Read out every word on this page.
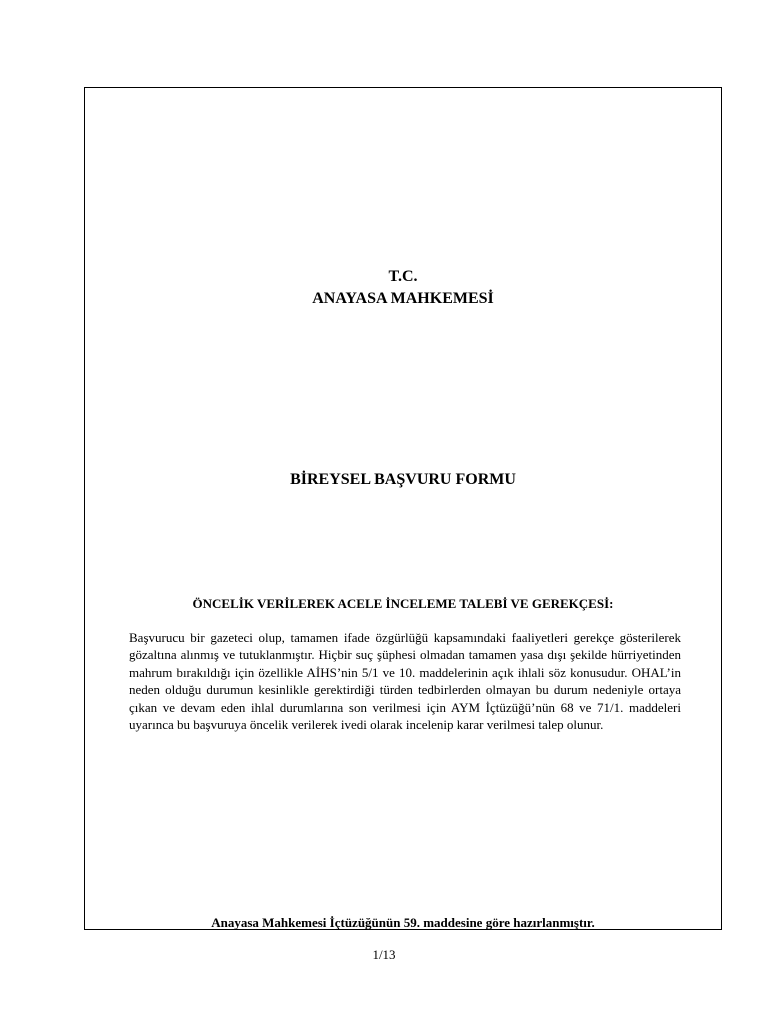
T.C.
ANAYASA MAHKEMESİ
BİREYSEL BAŞVURU FORMU
ÖNCELİK VERİLEREK ACELE İNCELEME TALEBİ VE GEREKÇESİ:

Başvurucu bir gazeteci olup, tamamen ifade özgürlüğü kapsamındaki faaliyetleri gerekçe gösterilerek gözaltına alınmış ve tutuklanmıştır. Hiçbir suç şüphesi olmadan tamamen yasa dışı şekilde hürriyetinden mahrum bırakıldığı için özellikle AİHS’nin 5/1 ve 10. maddelerinin açık ihlali söz konusudur. OHAL’in neden olduğu durumun kesinlikle gerektirdiği türden tedbirlerden olmayan bu durum nedeniyle ortaya çıkan ve devam eden ihlal durumlarına son verilmesi için AYM İçtüzüğü’nün 68 ve 71/1. maddeleri uyarınca bu başvuruya öncelik verilerek ivedi olarak incelenip karar verilmesi talep olunur.

Anayasa Mahkemesi İçtüzüğünün 59. maddesine göre hazırlanmıştır.
1/13
